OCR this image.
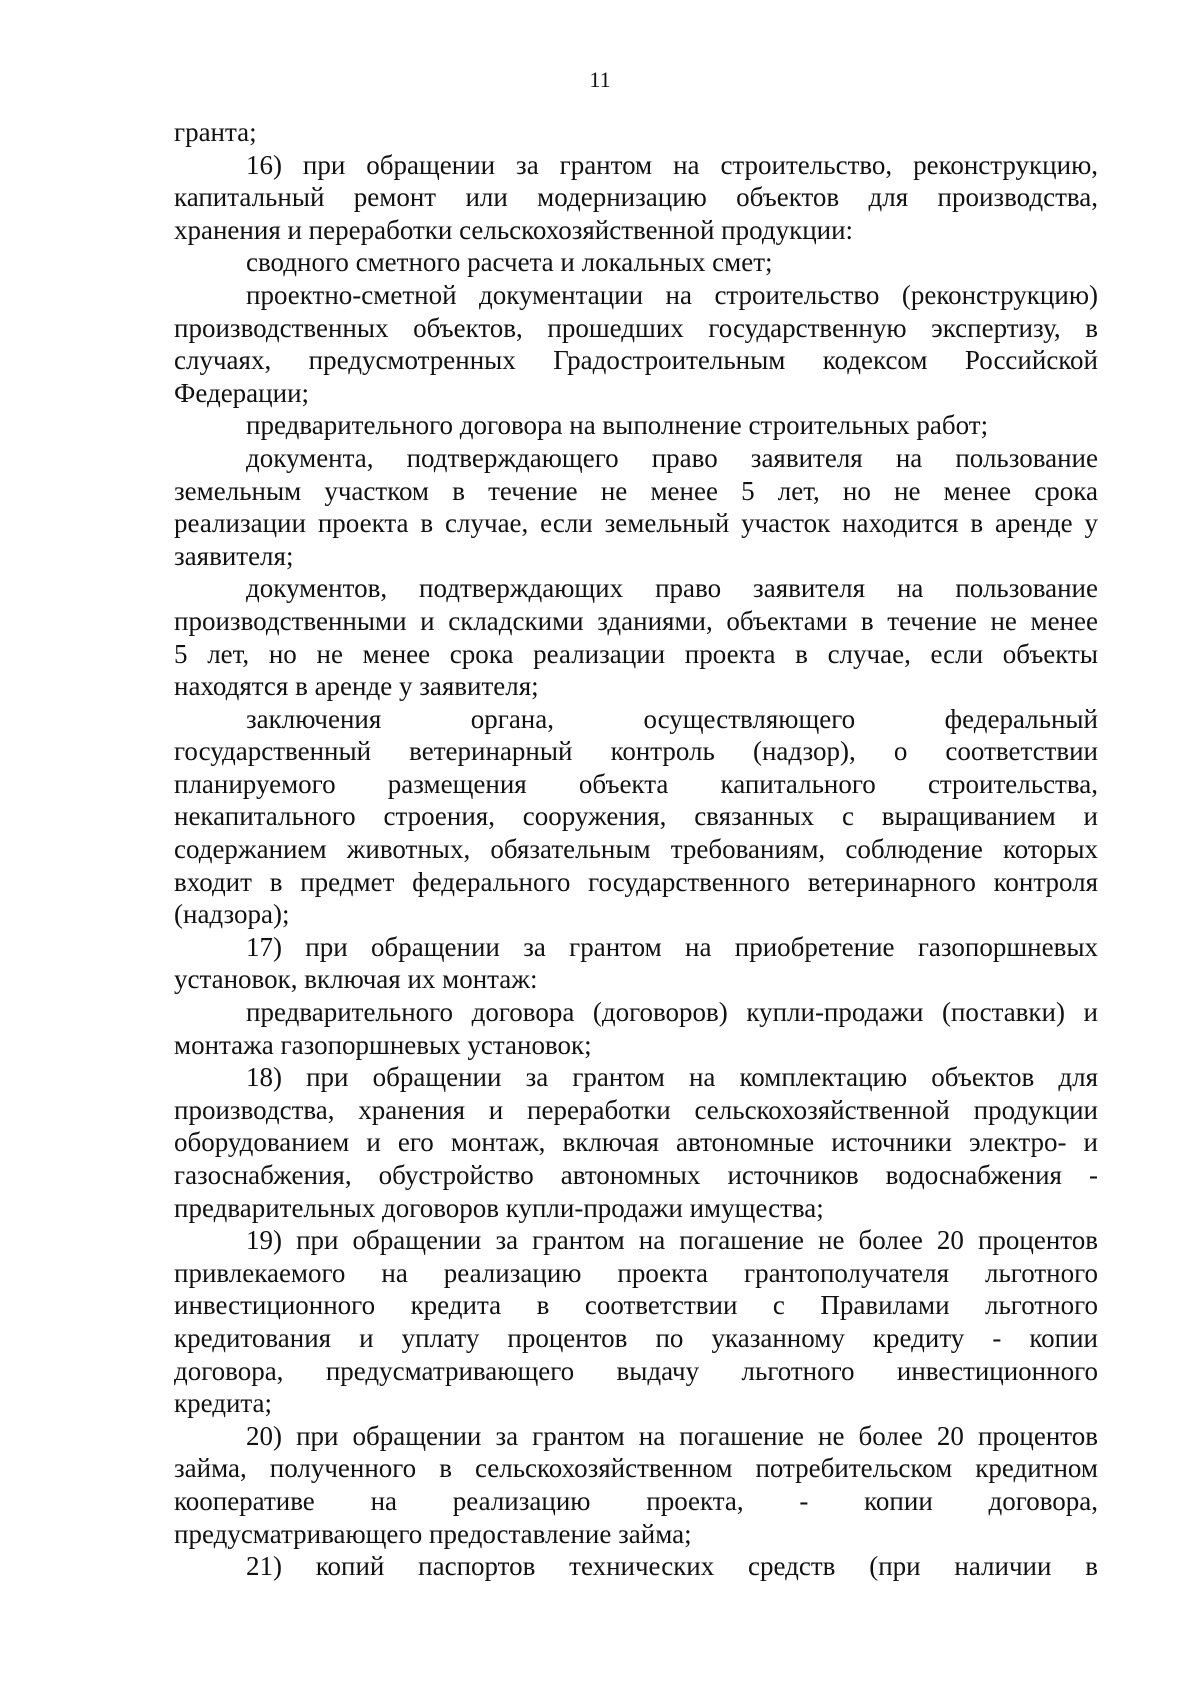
11
гранта;
16) при обращении за грантом на строительство, реконструкцию,
капитальный ремонт или модернизацию объектов для производства,
хранения и переработки сельскохозяйственной продукции:
сводного сметного расчета и локальных смет;
проектно-сметной документации на строительство (реконструкцию)
производственных объектов, прошедших государственную экспертизу, в
случаях, предусмотренных Градостроительным кодексом Российской
Федерации;
предварительного договора на выполнение строительных работ;
документа, подтверждающего право заявителя на пользование
земельным участком в течение не менее 5 лет, но не менее срока
реализации проекта в случае, если земельный участок находится в аренде у
заявителя;
документов, подтверждающих право заявителя на пользование
производственными и складскими зданиями, объектами в течение не менее
5 лет, но не менее срока реализации проекта в случае, если объекты
находятся в аренде у заявителя;
заключения органа, осуществляющего федеральный
государственный ветеринарный контроль (надзор), о соответствии
планируемого размещения объекта капитального строительства,
некапитального строения, сооружения, связанных с выращиванием и
содержанием животных, обязательным требованиям, соблюдение которых
входит в предмет федерального государственного ветеринарного контроля
(надзора);
17) при обращении за грантом на приобретение газопоршневых
установок, включая их монтаж:
предварительного договора (договоров) купли-продажи (поставки) и
монтажа газопоршневых установок;
18) при обращении за грантом на комплектацию объектов для
производства, хранения и переработки сельскохозяйственной продукции
оборудованием и его монтаж, включая автономные источники электро- и
газоснабжения, обустройство автономных источников водоснабжения -
предварительных договоров купли-продажи имущества;
19) при обращении за грантом на погашение не более 20 процентов
привлекаемого на реализацию проекта грантополучателя льготного
инвестиционного кредита в соответствии с Правилами льготного
кредитования и уплату процентов по указанному кредиту - копии
договора, предусматривающего выдачу льготного инвестиционного
кредита;
20) при обращении за грантом на погашение не более 20 процентов
займа, полученного в сельскохозяйственном потребительском кредитном
кооперативе на реализацию проекта, - копии договора,
предусматривающего предоставление займа;
21) копий паспортов технических средств (при наличии в
